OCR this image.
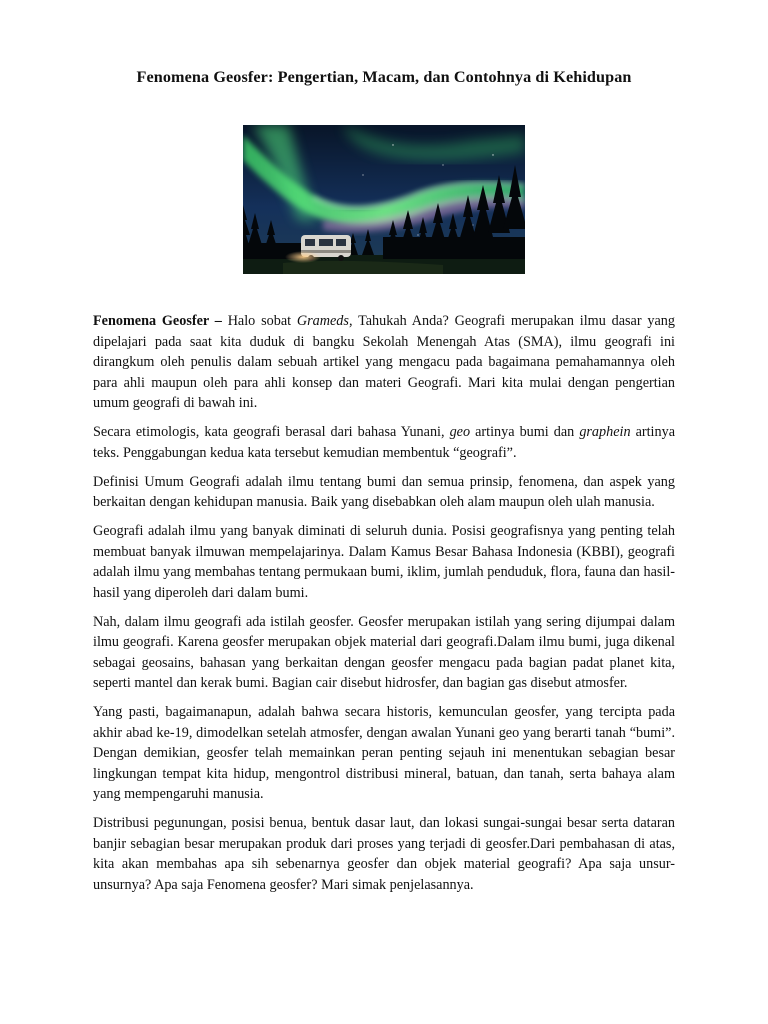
Fenomena Geosfer: Pengertian, Macam, dan Contohnya di Kehidupan

Fenomena Geosfer – Halo sobat Grameds, Tahukah Anda? Geografi merupakan ilmu dasar yang dipelajari pada saat kita duduk di bangku Sekolah Menengah Atas (SMA), ilmu geografi ini dirangkum oleh penulis dalam sebuah artikel yang mengacu pada bagaimana pemahamannya oleh para ahli maupun oleh para ahli konsep dan materi Geografi. Mari kita mulai dengan pengertian umum geografi di bawah ini.

Secara etimologis, kata geografi berasal dari bahasa Yunani, geo artinya bumi dan graphein artinya teks. Penggabungan kedua kata tersebut kemudian membentuk “geografi”.

Definisi Umum Geografi adalah ilmu tentang bumi dan semua prinsip, fenomena, dan aspek yang berkaitan dengan kehidupan manusia. Baik yang disebabkan oleh alam maupun oleh ulah manusia.

Geografi adalah ilmu yang banyak diminati di seluruh dunia. Posisi geografisnya yang penting telah membuat banyak ilmuwan mempelajarinya. Dalam Kamus Besar Bahasa Indonesia (KBBI), geografi adalah ilmu yang membahas tentang permukaan bumi, iklim, jumlah penduduk, flora, fauna dan hasil-hasil yang diperoleh dari dalam bumi.

Nah, dalam ilmu geografi ada istilah geosfer. Geosfer merupakan istilah yang sering dijumpai dalam ilmu geografi. Karena geosfer merupakan objek material dari geografi.Dalam ilmu bumi, juga dikenal sebagai geosains, bahasan yang berkaitan dengan geosfer mengacu pada bagian padat planet kita, seperti mantel dan kerak bumi. Bagian cair disebut hidrosfer, dan bagian gas disebut atmosfer.

Yang pasti, bagaimanapun, adalah bahwa secara historis, kemunculan geosfer, yang tercipta pada akhir abad ke-19, dimodelkan setelah atmosfer, dengan awalan Yunani geo yang berarti tanah “bumi”. Dengan demikian, geosfer telah memainkan peran penting sejauh ini menentukan sebagian besar lingkungan tempat kita hidup, mengontrol distribusi mineral, batuan, dan tanah, serta bahaya alam yang mempengaruhi manusia.

Distribusi pegunungan, posisi benua, bentuk dasar laut, dan lokasi sungai-sungai besar serta dataran banjir sebagian besar merupakan produk dari proses yang terjadi di geosfer.Dari pembahasan di atas, kita akan membahas apa sih sebenarnya geosfer dan objek material geografi? Apa saja unsur-unsurnya? Apa saja Fenomena geosfer? Mari simak penjelasannya.
